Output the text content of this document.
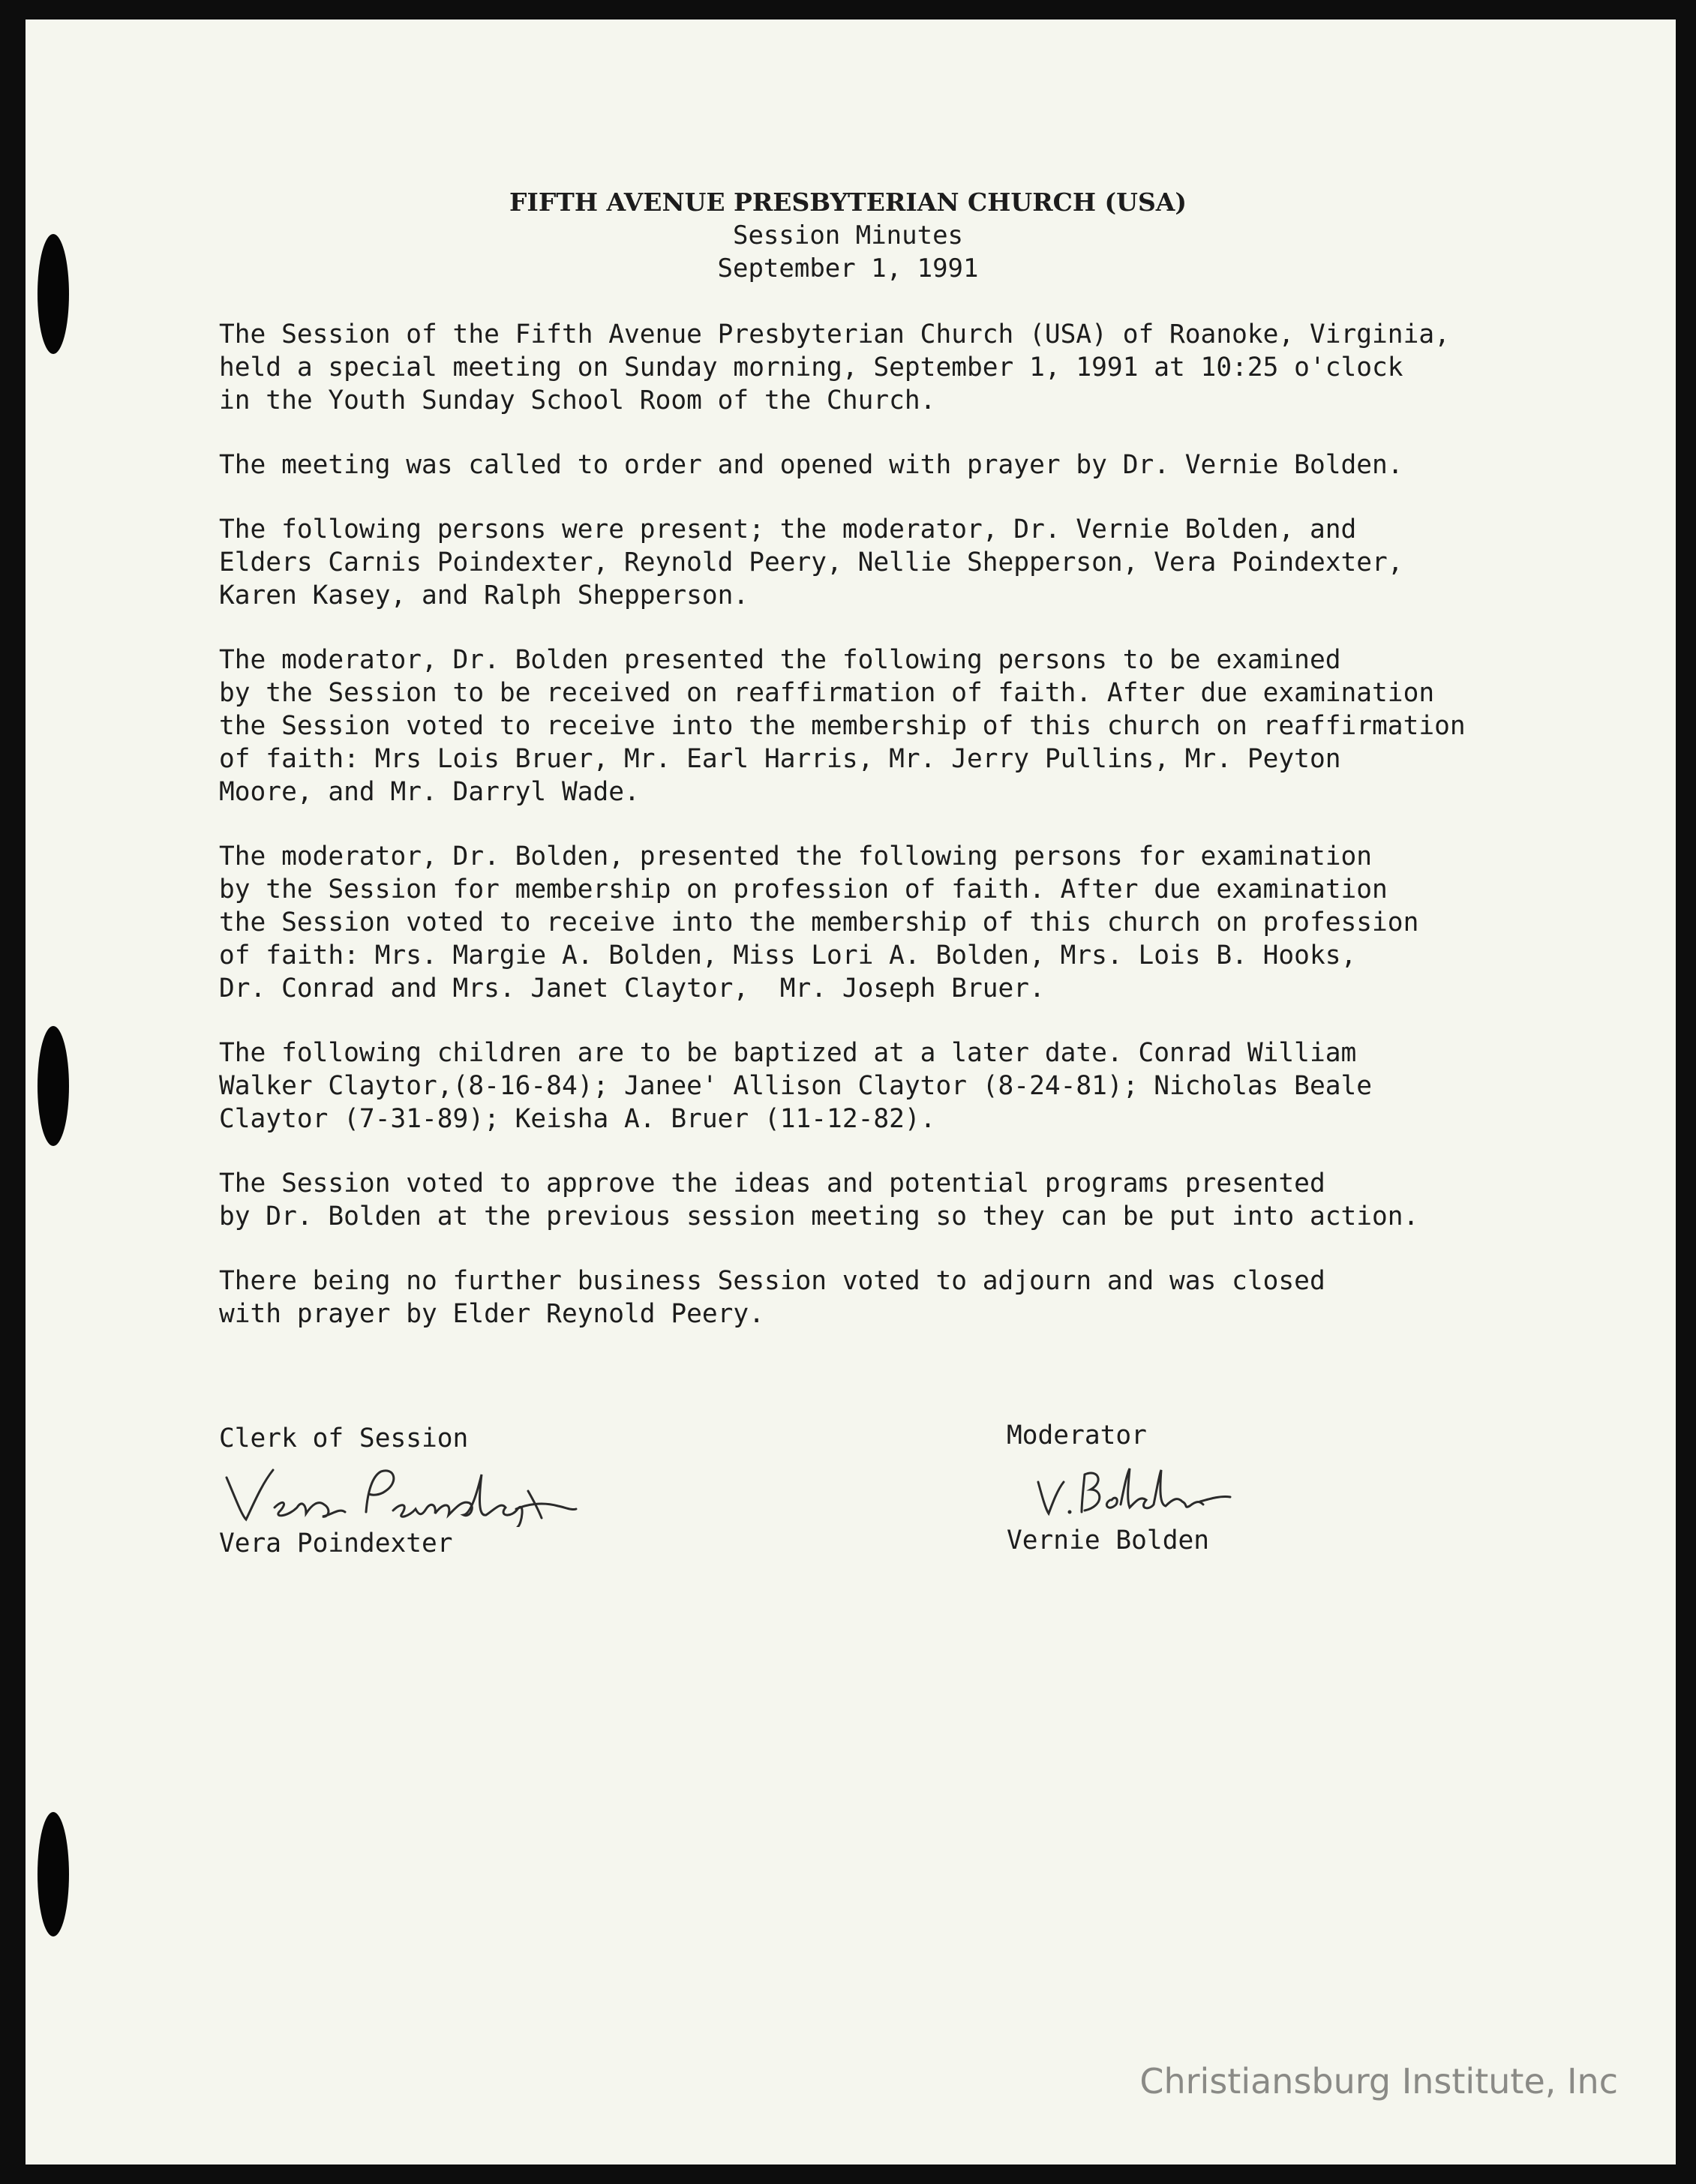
FIFTH AVENUE PRESBYTERIAN CHURCH (USA)
Session Minutes
September 1, 1991
The Session of the Fifth Avenue Presbyterian Church (USA) of Roanoke, Virginia,
held a special meeting on Sunday morning, September 1, 1991 at 10:25 o'clock
in the Youth Sunday School Room of the Church.
The meeting was called to order and opened with prayer by Dr. Vernie Bolden.
The following persons were present; the moderator, Dr. Vernie Bolden, and
Elders Carnis Poindexter, Reynold Peery, Nellie Shepperson, Vera Poindexter,
Karen Kasey, and Ralph Shepperson.
The moderator, Dr. Bolden presented the following persons to be examined
by the Session to be received on reaffirmation of faith. After due examination
the Session voted to receive into the membership of this church on reaffirmation
of faith: Mrs Lois Bruer, Mr. Earl Harris, Mr. Jerry Pullins, Mr. Peyton
Moore, and Mr. Darryl Wade.
The moderator, Dr. Bolden, presented the following persons for examination
by the Session for membership on profession of faith. After due examination
the Session voted to receive into the membership of this church on profession
of faith: Mrs. Margie A. Bolden, Miss Lori A. Bolden, Mrs. Lois B. Hooks,
Dr. Conrad and Mrs. Janet Claytor,  Mr. Joseph Bruer.
The following children are to be baptized at a later date. Conrad William
Walker Claytor,(8-16-84); Janee' Allison Claytor (8-24-81); Nicholas Beale
Claytor (7-31-89); Keisha A. Bruer (11-12-82).
The Session voted to approve the ideas and potential programs presented
by Dr. Bolden at the previous session meeting so they can be put into action.
There being no further business Session voted to adjourn and was closed
with prayer by Elder Reynold Peery.
Clerk of Session
Vera Poindexter
Moderator
Vernie Bolden
Christiansburg Institute, Inc
